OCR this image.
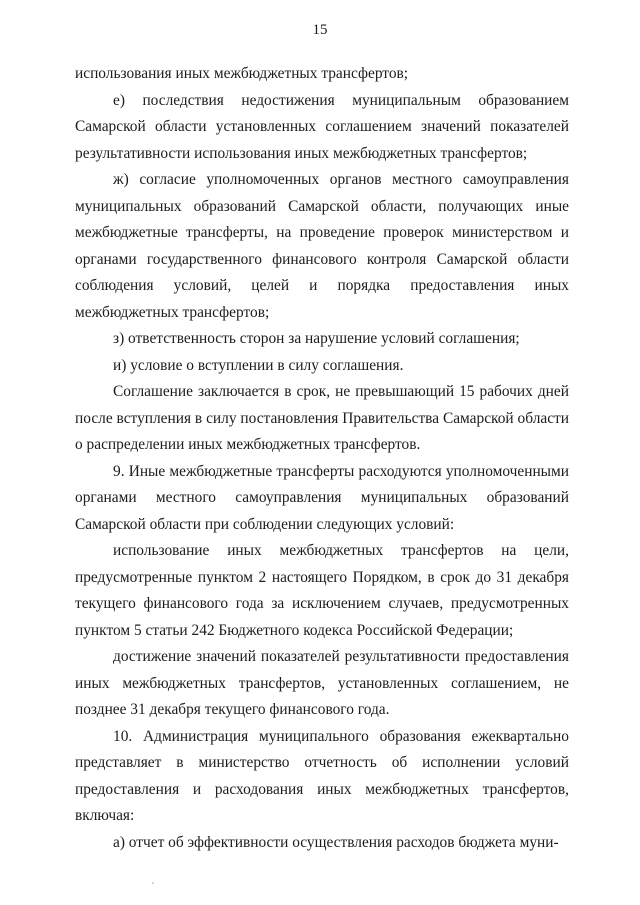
15

использования иных межбюджетных трансфертов;

е) последствия недостижения муниципальным образованием Самарской области установленных соглашением значений показателей результативности использования иных межбюджетных трансфертов;

ж) согласие уполномоченных органов местного самоуправления муниципальных образований Самарской области, получающих иные межбюджетные трансферты, на проведение проверок министерством и органами государственного финансового контроля Самарской области соблюдения условий, целей и порядка предоставления иных межбюджетных трансфертов;

з) ответственность сторон за нарушение условий соглашения;

и) условие о вступлении в силу соглашения.

Соглашение заключается в срок, не превышающий 15 рабочих дней после вступления в силу постановления Правительства Самарской области о распределении иных межбюджетных трансфертов.

9. Иные межбюджетные трансферты расходуются уполномоченными органами местного самоуправления муниципальных образований Самарской области при соблюдении следующих условий:

использование иных межбюджетных трансфертов на цели, предусмотренные пунктом 2 настоящего Порядком, в срок до 31 декабря текущего финансового года за исключением случаев, предусмотренных пунктом 5 статьи 242 Бюджетного кодекса Российской Федерации;

достижение значений показателей результативности предоставления иных межбюджетных трансфертов, установленных соглашением, не позднее 31 декабря текущего финансового года.

10. Администрация муниципального образования ежеквартально представляет в министерство отчетность об исполнении условий предоставления и расходования иных межбюджетных трансфертов, включая:

а) отчет об эффективности осуществления расходов бюджета муни-
